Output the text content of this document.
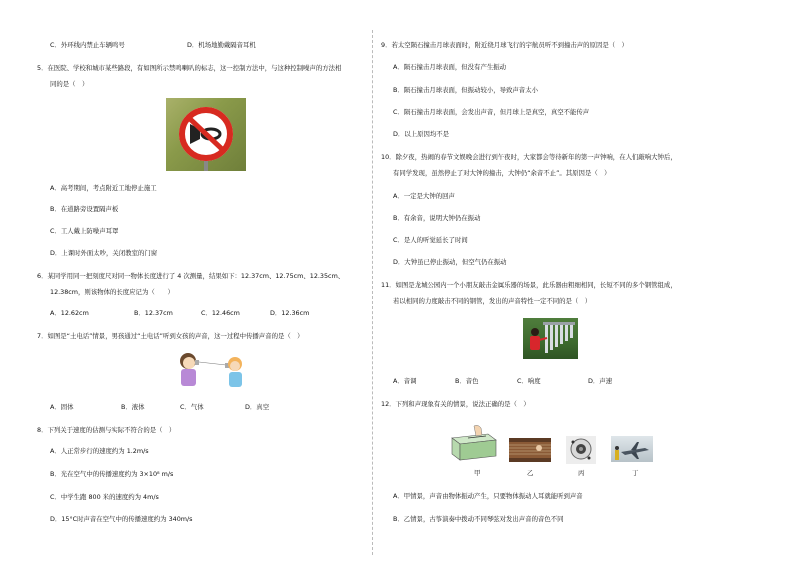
C．外环线内禁止车辆鸣号	D．机场地勤戴隔音耳机
5．在医院、学校和城市某些路段，有如图所示禁鸣喇叭的标志，这一控制方法中，与这种控制噪声的方法相
同的是（　）
A．高考期间，考点附近工地停止施工
B．在道路旁设置隔声板
C．工人戴上防噪声耳罩
D．上课时外面太吵，关闭教室的门窗
6．某同学用同一把刻度尺对同一物体长度进行了 4 次测量，结果如下：12.37cm、12.75cm、12.35cm、
12.38cm，则该物体的长度应记为（　　）
A．12.62cm	B．12.37cm	C．12.46cm	D．12.36cm
7．如图是“土电话”情景，男孩通过“土电话”听到女孩的声音，这一过程中传播声音的是（　）
A．固体	B．液体	C．气体	D．真空
8．下列关于速度的估测与实际不符合的是（　）
A．人正常步行的速度约为 1.2m/s
B．光在空气中的传播速度约为 3×10⁸ m/s
C．中学生跑 800 米的速度约为 4m/s
D．15°C时声音在空气中的传播速度约为 340m/s
9．若太空陨石撞击月球表面时，附近绕月球飞行的宇航员听不到撞击声的原因是（　）
A．陨石撞击月球表面，但没有产生振动
B．陨石撞击月球表面，但振动较小，导致声音太小
C．陨石撞击月球表面，会发出声音，但月球上是真空，真空不能传声
D．以上原因均不是
10．除夕夜，热闹的春节文娱晚会进行到午夜时，大家都会等待新年的第一声钟响，在人们敲响大钟后，
有同学发现，虽然停止了对大钟的撞击，大钟仍“余音不止”。其原因是（　）
A．一定是大钟的回声
B．有余音，说明大钟仍在振动
C．是人的听觉延长了时间
D．大钟虽已停止振动，但空气仍在振动
11．如图是龙城公园内一个小朋友敲击金属乐器的场景，此乐器由粗细相同，长短不同的多个钢管组成，
若以相同的力度敲击不同的钢管，发出的声音特性一定不同的是（　）
A．音调	B．音色	C．响度	D．声速
12．下列和声现象有关的情景，说法正确的是（　）
甲	乙	丙	丁
A．甲情景，声音由物体振动产生，只要物体振动人耳就能听到声音
B．乙情景，古筝演奏中拨动不同琴弦对发出声音的音色不同
